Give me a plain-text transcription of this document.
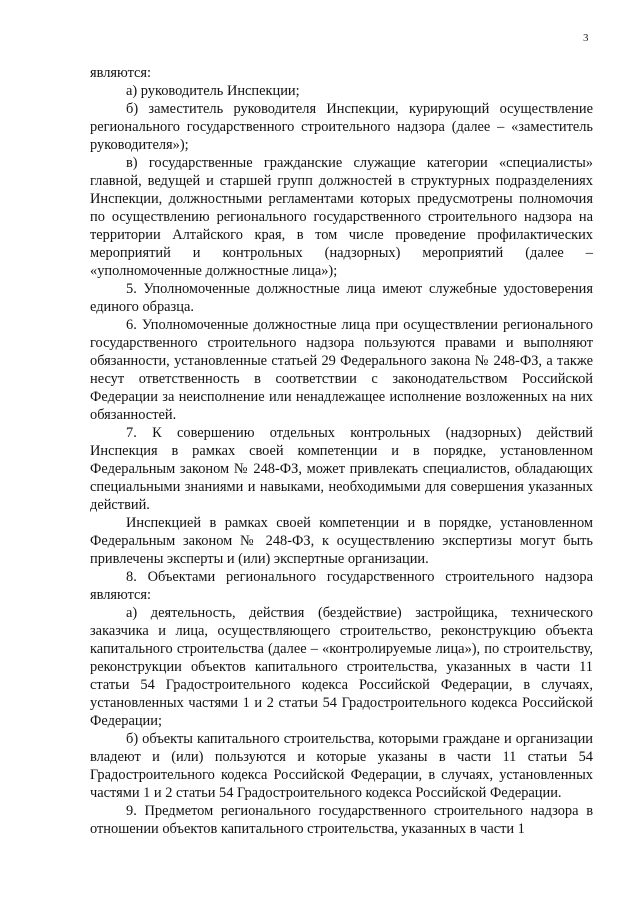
3

являются:

а) руководитель Инспекции;

б) заместитель руководителя Инспекции, курирующий осуществление регионального государственного строительного надзора (далее – «заместитель руководителя»);

в) государственные гражданские служащие категории «специалисты» главной, ведущей и старшей групп должностей в структурных подразделениях Инспекции, должностными регламентами которых предусмотрены полномочия по осуществлению регионального государственного строительного надзора на территории Алтайского края, в том числе проведение профилактических мероприятий и контрольных (надзорных) мероприятий (далее – «уполномоченные должностные лица»);

5. Уполномоченные должностные лица имеют служебные удостоверения единого образца.

6. Уполномоченные должностные лица при осуществлении регионального государственного строительного надзора пользуются правами и выполняют обязанности, установленные статьей 29 Федерального закона № 248-ФЗ, а также несут ответственность в соответствии с законодательством Российской Федерации за неисполнение или ненадлежащее исполнение возложенных на них обязанностей.

7. К совершению отдельных контрольных (надзорных) действий Инспекция в рамках своей компетенции и в порядке, установленном Федеральным законом № 248-ФЗ, может привлекать специалистов, обладающих специальными знаниями и навыками, необходимыми для совершения указанных действий.

Инспекцией в рамках своей компетенции и в порядке, установленном Федеральным законом № 248-ФЗ, к осуществлению экспертизы могут быть привлечены эксперты и (или) экспертные организации.

8. Объектами регионального государственного строительного надзора являются:

а) деятельность, действия (бездействие) застройщика, технического заказчика и лица, осуществляющего строительство, реконструкцию объекта капитального строительства (далее – «контролируемые лица»), по строительству, реконструкции объектов капитального строительства, указанных в части 11 статьи 54 Градостроительного кодекса Российской Федерации, в случаях, установленных частями 1 и 2 статьи 54 Градостроительного кодекса Российской Федерации;

б) объекты капитального строительства, которыми граждане и организации владеют и (или) пользуются и которые указаны в части 11 статьи 54 Градостроительного кодекса Российской Федерации, в случаях, установленных частями 1 и 2 статьи 54 Градостроительного кодекса Российской Федерации.

9. Предметом регионального государственного строительного надзора в отношении объектов капитального строительства, указанных в части 1
